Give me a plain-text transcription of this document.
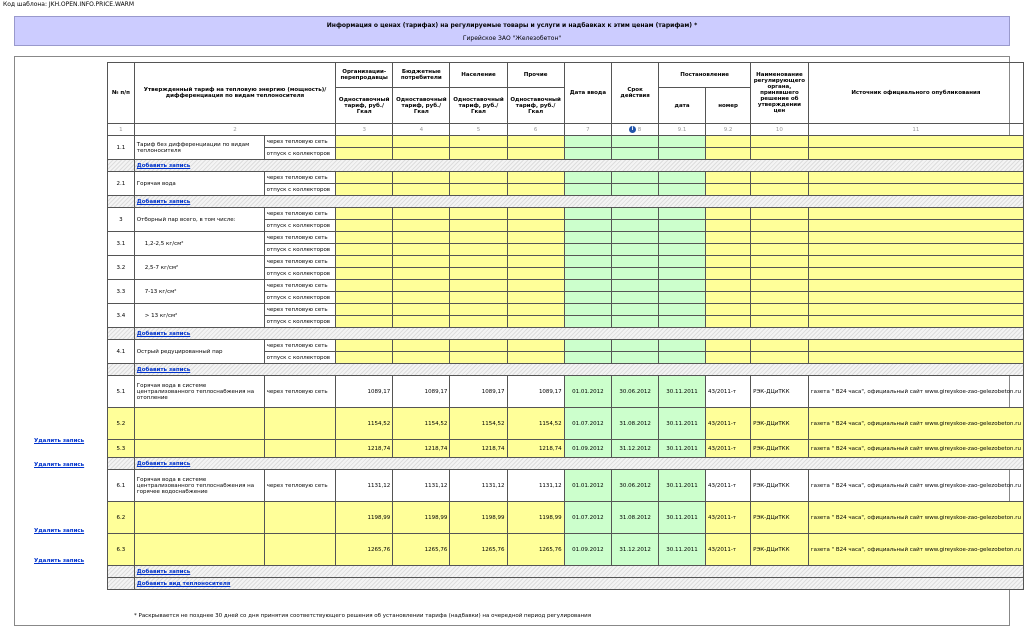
Код шаблона: JKH.OPEN.INFO.PRICE.WARM
Информация о ценах (тарифах) на регулируемые товары и услуги и надбавках к этим ценам (тарифам) *
Гирейское ЗАО "Железобетон"
№ п/п	Утвержденный тариф на тепловую энергию (мощность)/ дифференциация по видам теплоносителя		Организации-перепродавцы	Бюджетные потребители	Население	Прочие	Дата ввода	Срок действия	Постановление		Наименование регулирующего органа, принявшего решение об утверждении цен	Источник официального опубликования
			Одноставочный тариф, руб./Гкал	Одноставочный тариф, руб./Гкал	Одноставочный тариф, руб./Гкал	Одноставочный тариф, руб./Гкал			дата	номер		
1	2		3	4	5	6	7	i 8	9.1	9.2	10	11
1.1	Тариф без дифференциации по видам теплоносителя	через тепловую сеть										
		отпуск с коллекторов										
	Добавить запись											
2.1	Горячая вода	через тепловую сеть										
		отпуск с коллекторов										
	Добавить запись											
3	Отборный пар всего, в том числе:	через тепловую сеть										
		отпуск с коллекторов										
3.1	1,2-2,5 кг/см²	через тепловую сеть										
		отпуск с коллекторов										
3.2	2,5-7 кг/см²	через тепловую сеть										
		отпуск с коллекторов										
3.3	7-13 кг/см²	через тепловую сеть										
		отпуск с коллекторов										
3.4	> 13 кг/см²	через тепловую сеть										
		отпуск с коллекторов										
	Добавить запись											
4.1	Острый редуцированный пар	через тепловую сеть										
		отпуск с коллекторов										
	Добавить запись											
5.1	Горячая вода в системе централизованного теплоснабжения на отопление	через тепловую сеть	1089,17	1089,17	1089,17	1089,17	01.01.2012	30.06.2012	30.11.2011	43/2011-т	РЭК-ДЦиТКК	газета " В24 часа", официальный сайт www.gireyskoe-zao-gelezobeton.ru
5.2			1154,52	1154,52	1154,52	1154,52	01.07.2012	31.08.2012	30.11.2011	43/2011-т	РЭК-ДЦиТКК	газета " В24 часа", официальный сайт www.gireyskoe-zao-gelezobeton.ru
5.3			1218,74	1218,74	1218,74	1218,74	01.09.2012	31.12.2012	30.11.2011	43/2011-т	РЭК-ДЦиТКК	газета " В24 часа", официальный сайт www.gireyskoe-zao-gelezobeton.ru
	Добавить запись											
6.1	Горячая вода в системе централизованного теплоснабжения на горячее водоснабжение	через тепловую сеть	1131,12	1131,12	1131,12	1131,12	01.01.2012	30.06.2012	30.11.2011	43/2011-т	РЭК-ДЦиТКК	газета " В24 часа", официальный сайт www.gireyskoe-zao-gelezobeton.ru
6.2			1198,99	1198,99	1198,99	1198,99	01.07.2012	31.08.2012	30.11.2011	43/2011-т	РЭК-ДЦиТКК	газета " В24 часа", официальный сайт www.gireyskoe-zao-gelezobeton.ru
6.3			1265,76	1265,76	1265,76	1265,76	01.09.2012	31.12.2012	30.11.2011	43/2011-т	РЭК-ДЦиТКК	газета " В24 часа", официальный сайт www.gireyskoe-zao-gelezobeton.ru
	Добавить запись											
	Добавить вид теплоносителя											
Удалить запись
Удалить запись
Удалить запись
Удалить запись
* Раскрывается не позднее 30 дней со дня принятия соответствующего решения об установлении тарифа (надбавки) на очередной период регулирования
